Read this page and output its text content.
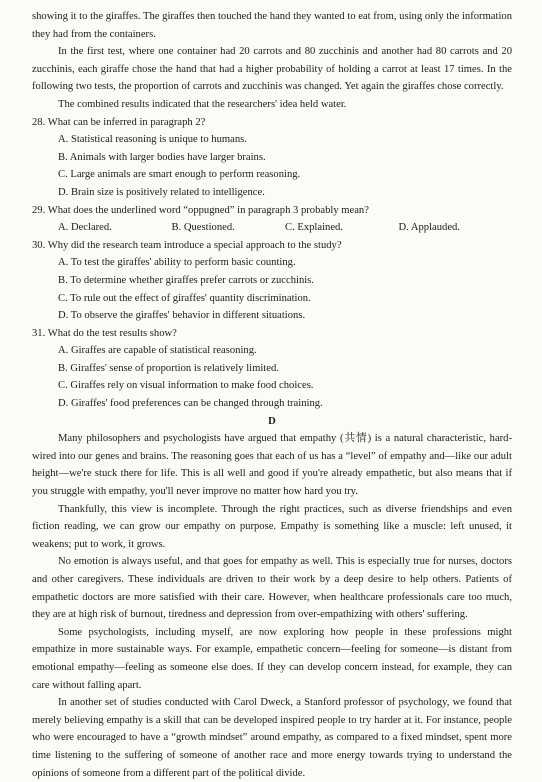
showing it to the giraffes. The giraffes then touched the hand they wanted to eat from, using only the information they had from the containers.

In the first test, where one container had 20 carrots and 80 zucchinis and another had 80 carrots and 20 zucchinis, each giraffe chose the hand that had a higher probability of holding a carrot at least 17 times. In the following two tests, the proportion of carrots and zucchinis was changed. Yet again the giraffes chose correctly.

The combined results indicated that the researchers' idea held water.

28. What can be inferred in paragraph 2?

A. Statistical reasoning is unique to humans.

B. Animals with larger bodies have larger brains.

C. Large animals are smart enough to perform reasoning.

D. Brain size is positively related to intelligence.

29. What does the underlined word “oppugned” in paragraph 3 probably mean?

A. Declared.	B. Questioned.	C. Explained.	D. Applauded.

30. Why did the research team introduce a special approach to the study?

A. To test the giraffes' ability to perform basic counting.

B. To determine whether giraffes prefer carrots or zucchinis.

C. To rule out the effect of giraffes' quantity discrimination.

D. To observe the giraffes' behavior in different situations.

31. What do the test results show?

A. Giraffes are capable of statistical reasoning.

B. Giraffes' sense of proportion is relatively limited.

C. Giraffes rely on visual information to make food choices.

D. Giraffes' food preferences can be changed through training.

D

Many philosophers and psychologists have argued that empathy (共情) is a natural characteristic, hard-wired into our genes and brains. The reasoning goes that each of us has a “level” of empathy and—like our adult height—we're stuck there for life. This is all well and good if you're already empathetic, but also means that if you struggle with empathy, you'll never improve no matter how hard you try.

Thankfully, this view is incomplete. Through the right practices, such as diverse friendships and even fiction reading, we can grow our empathy on purpose. Empathy is something like a muscle: left unused, it weakens; put to work, it grows.

No emotion is always useful, and that goes for empathy as well. This is especially true for nurses, doctors and other caregivers. These individuals are driven to their work by a deep desire to help others. Patients of empathetic doctors are more satisfied with their care. However, when healthcare professionals care too much, they are at high risk of burnout, tiredness and depression from over-empathizing with others' suffering.

Some psychologists, including myself, are now exploring how people in these professions might empathize in more sustainable ways. For example, empathetic concern—feeling for someone—is distant from emotional empathy—feeling as someone else does. If they can develop concern instead, for example, they can care without falling apart.

In another set of studies conducted with Carol Dweck, a Stanford professor of psychology, we found that merely believing empathy is a skill that can be developed inspired people to try harder at it. For instance, people who were encouraged to have a “growth mindset” around empathy, as compared to a fixed mindset, spent more time listening to the suffering of someone of another race and more energy towards trying to understand the opinions of someone from a different part of the political divide.
